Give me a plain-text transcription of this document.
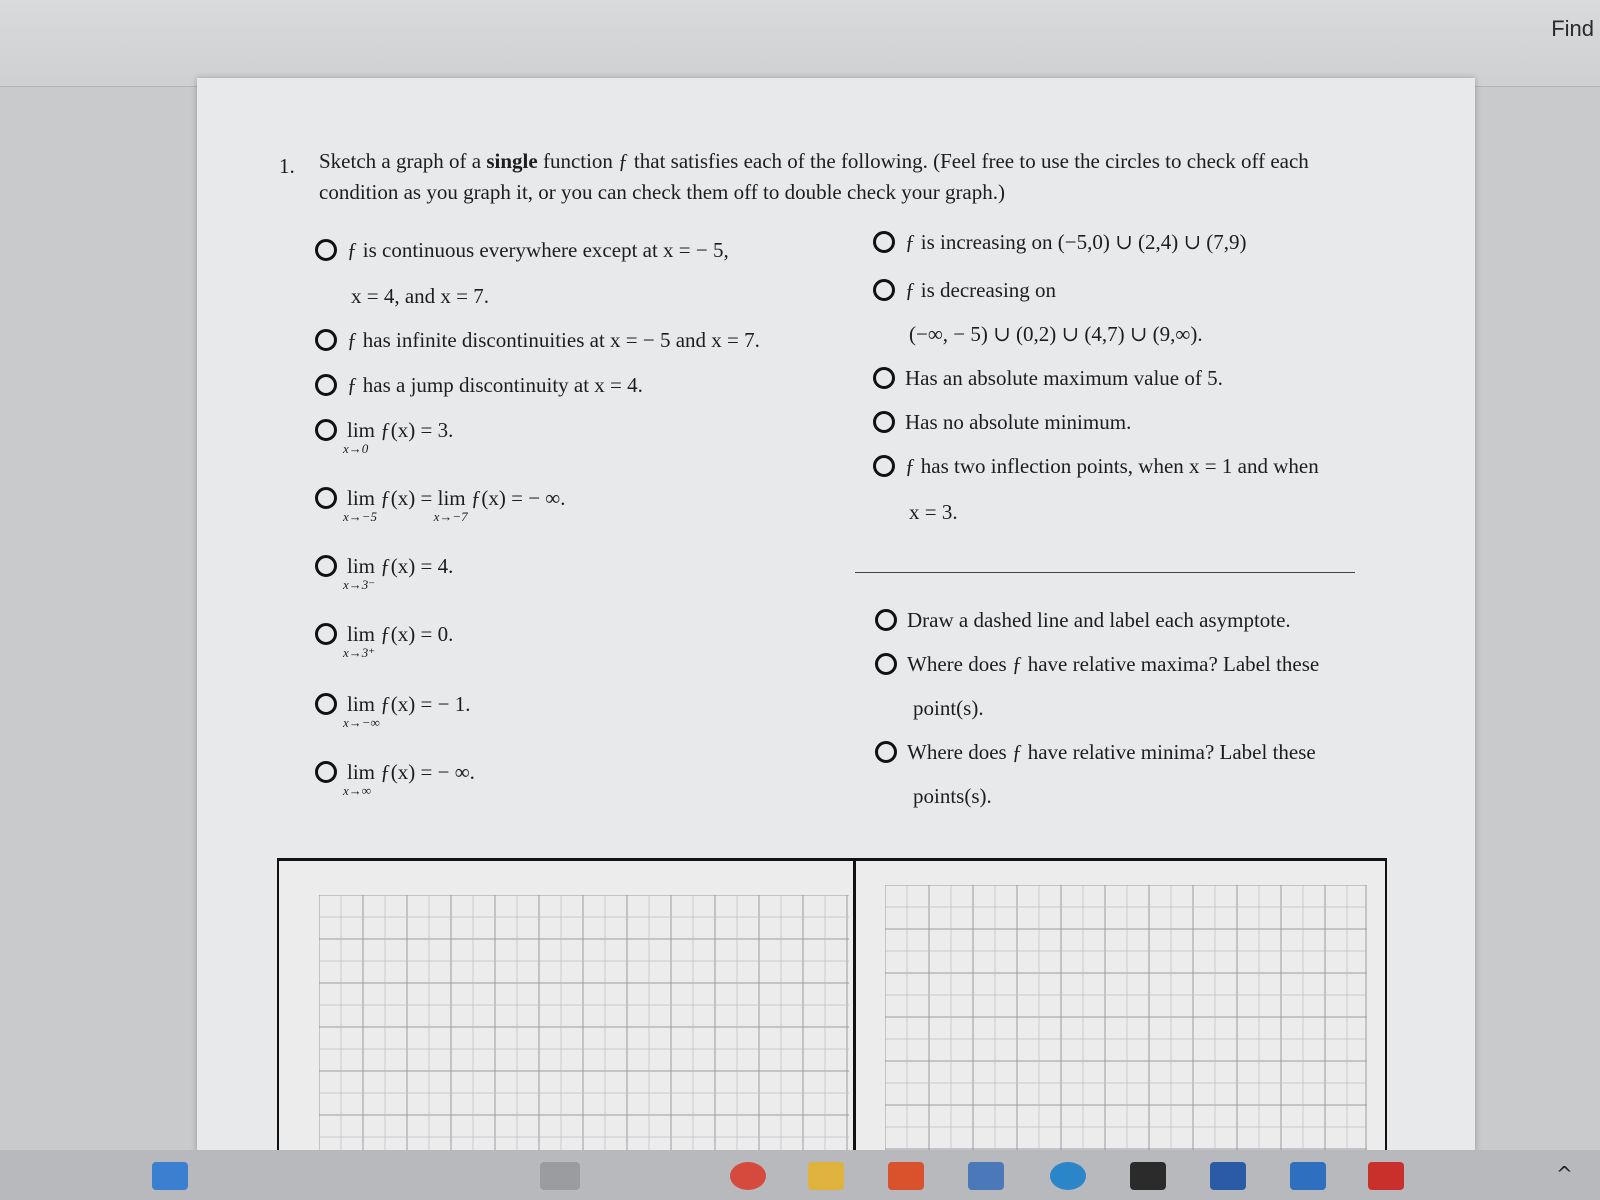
Find
1. Sketch a graph of a single function ƒ that satisfies each of the following. (Feel free to use the circles to check off each condition as you graph it, or you can check them off to double check your graph.)
ƒ is continuous everywhere except at x = − 5,
x = 4, and x = 7.
ƒ has infinite discontinuities at x = − 5 and x = 7.
ƒ has a jump discontinuity at x = 4.
lim
x→0
ƒ(x) = 3.
lim
x→−5
ƒ(x) = lim
x→−7
ƒ(x) = − ∞.
lim
x→3⁻
ƒ(x) = 4.
lim
x→3⁺
ƒ(x) = 0.
lim
x→−∞
ƒ(x) = − 1.
lim
x→∞
ƒ(x) = − ∞.
ƒ is increasing on (−5,0) ∪ (2,4) ∪ (7,9)
ƒ is decreasing on
(−∞, − 5) ∪ (0,2) ∪ (4,7) ∪ (9,∞).
Has an absolute maximum value of 5.
Has no absolute minimum.
ƒ has two inflection points, when x = 1 and when
x = 3.
Draw a dashed line and label each asymptote.
Where does ƒ have relative maxima? Label these
point(s).
Where does ƒ have relative minima? Label these
points(s).
^
